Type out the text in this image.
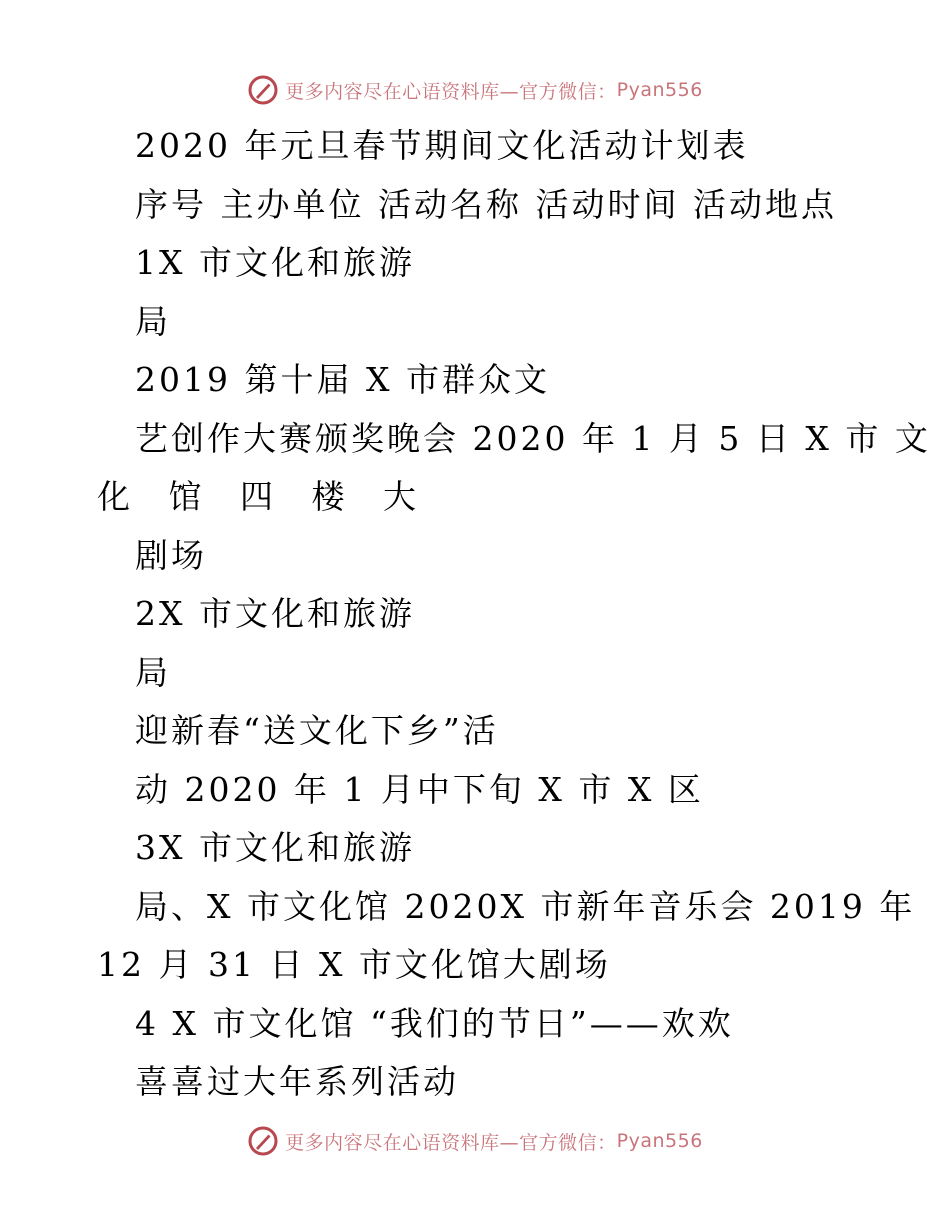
更多内容尽在心语资料库—官方微信： Pyan556
2020 年元旦春节期间文化活动计划表
序号 主办单位 活动名称 活动时间 活动地点
1X 市文化和旅游
局
2019 第十届 X 市群众文
艺创作大赛颁奖晚会 2020 年 1 月 5 日 X 市 文
化 馆 四 楼 大
剧场
2X 市文化和旅游
局
迎新春“送文化下乡”活
动 2020 年 1 月中下旬 X 市 X 区
3X 市文化和旅游
局、X 市文化馆 2020X 市新年音乐会 2019 年
12 月 31 日 X 市文化馆大剧场
4 X 市文化馆 “我们的节日”——欢欢
喜喜过大年系列活动
更多内容尽在心语资料库—官方微信： Pyan556
